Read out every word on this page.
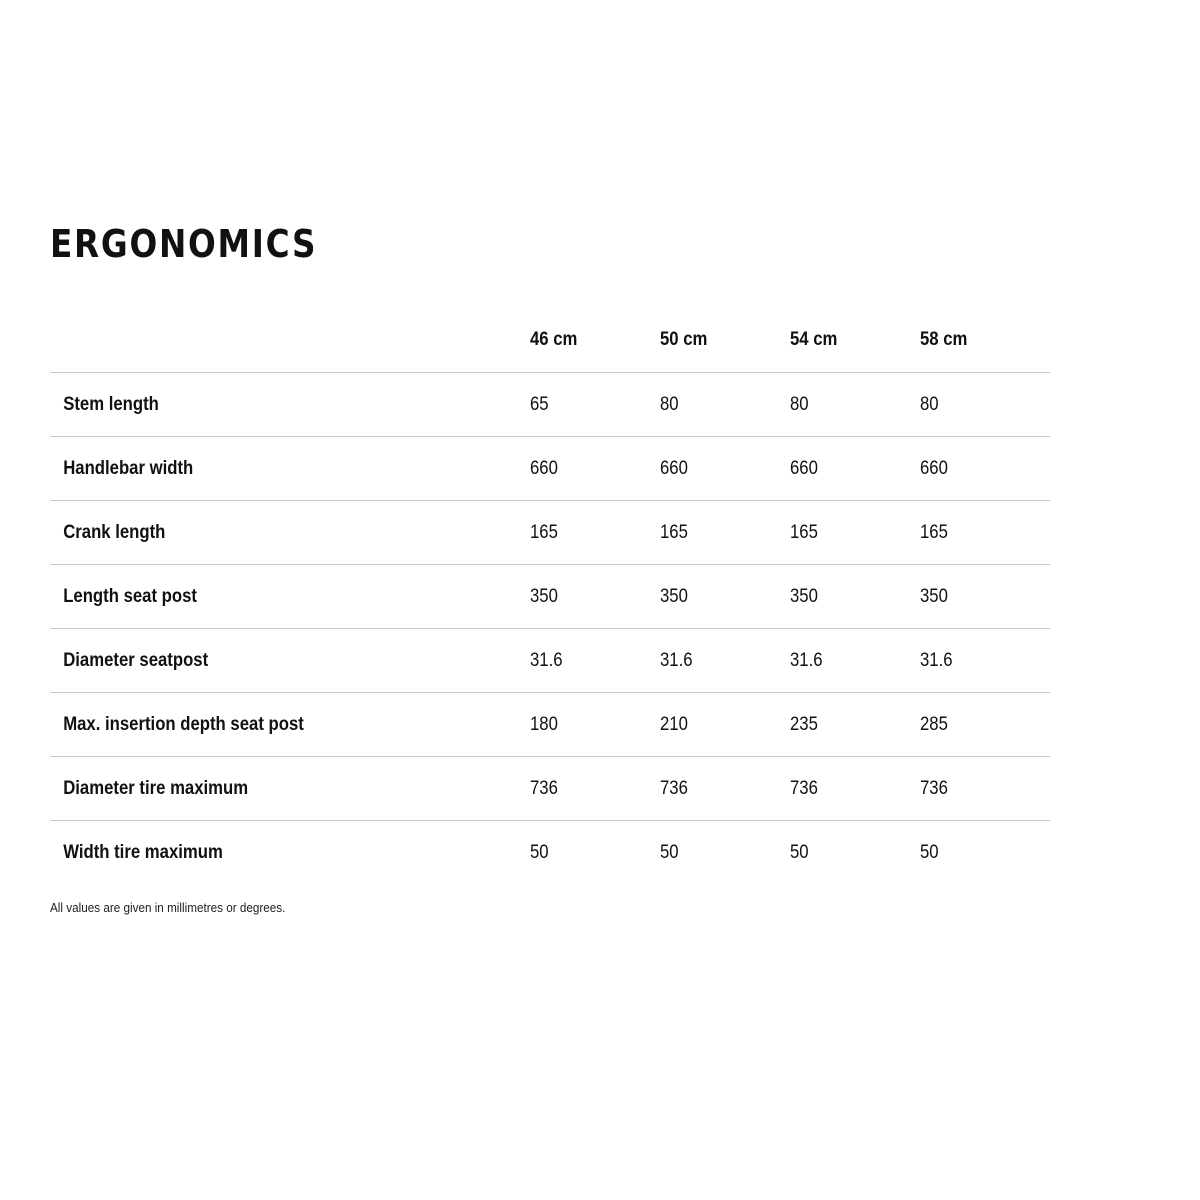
ERGONOMICS
46 cm	50 cm	54 cm	58 cm
Stem length	65	80	80	80
Handlebar width	660	660	660	660
Crank length	165	165	165	165
Length seat post	350	350	350	350
Diameter seatpost	31.6	31.6	31.6	31.6
Max. insertion depth seat post	180	210	235	285
Diameter tire maximum	736	736	736	736
Width tire maximum	50	50	50	50
All values are given in millimetres or degrees.
